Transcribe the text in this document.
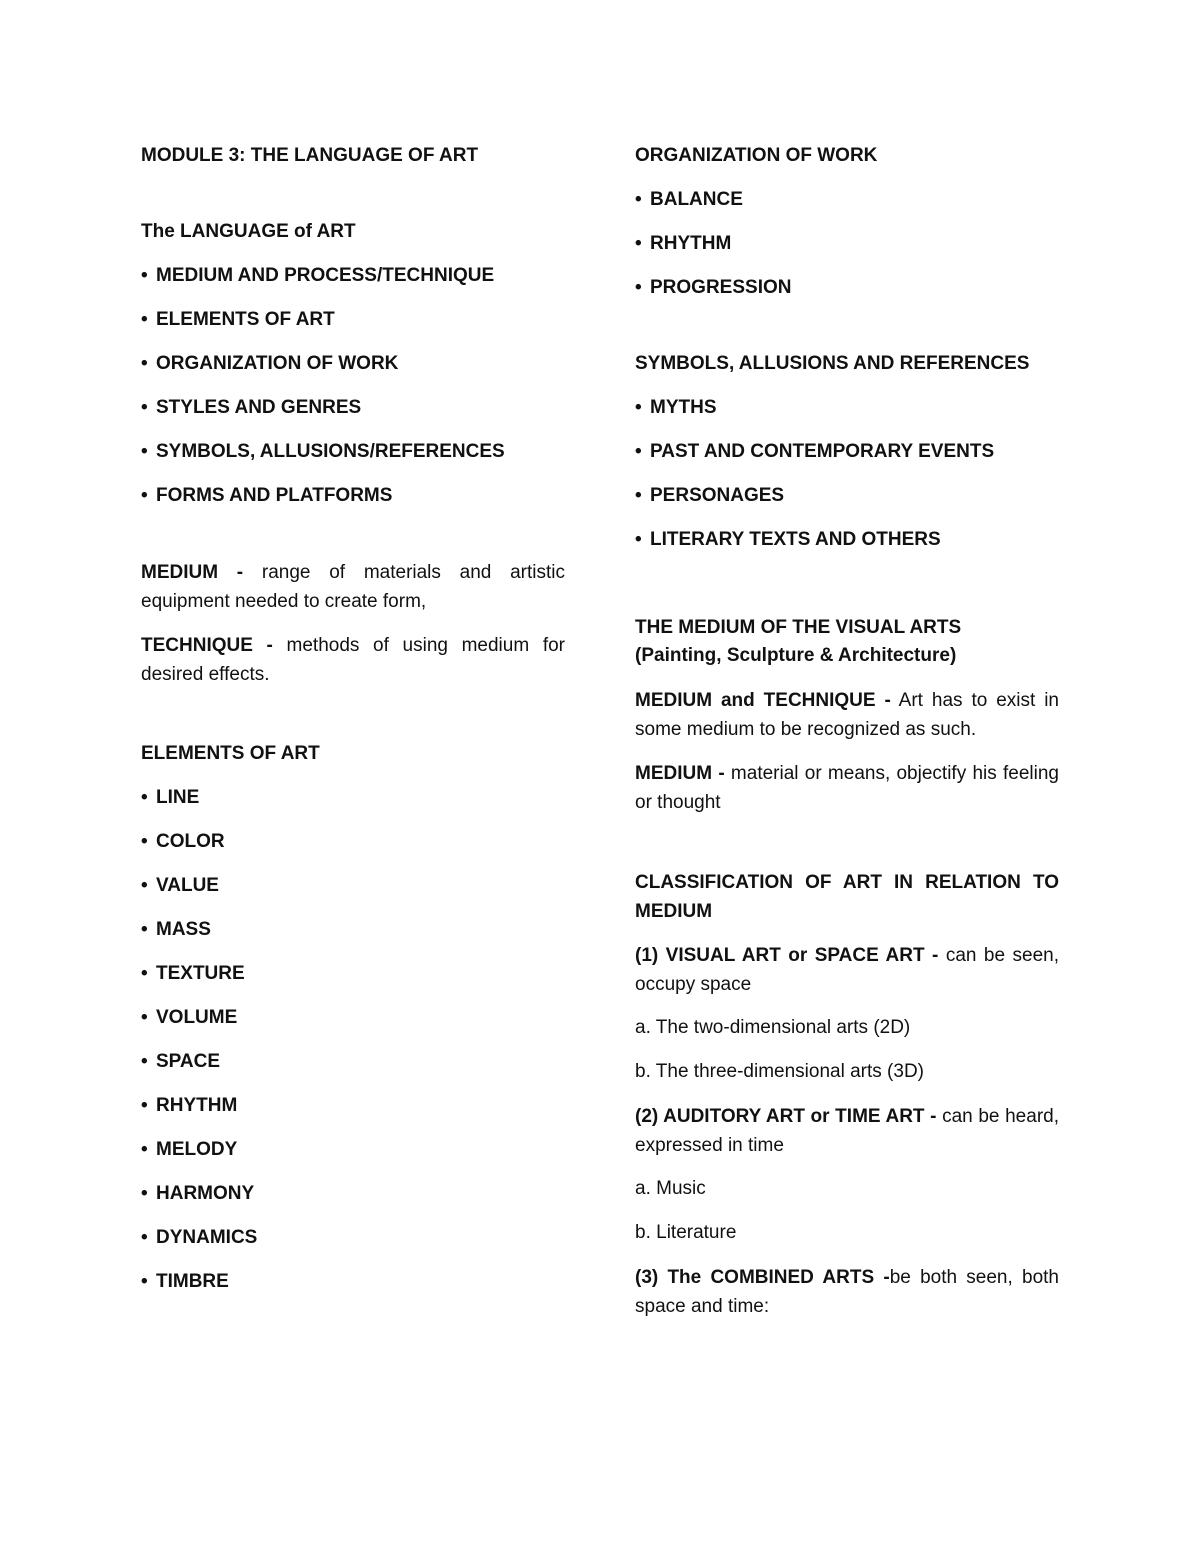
MODULE 3: THE LANGUAGE OF ART
The LANGUAGE of ART
• MEDIUM AND PROCESS/TECHNIQUE
• ELEMENTS OF ART
• ORGANIZATION OF WORK
• STYLES AND GENRES
• SYMBOLS, ALLUSIONS/REFERENCES
• FORMS AND PLATFORMS

MEDIUM - range of materials and artistic equipment needed to create form,

TECHNIQUE - methods of using medium for desired effects.

ELEMENTS OF ART
• LINE
• COLOR
• VALUE
• MASS
• TEXTURE
• VOLUME
• SPACE
• RHYTHM
• MELODY
• HARMONY
• DYNAMICS
• TIMBRE
ORGANIZATION OF WORK
• BALANCE
• RHYTHM
• PROGRESSION
SYMBOLS, ALLUSIONS AND REFERENCES
• MYTHS
• PAST AND CONTEMPORARY EVENTS
• PERSONAGES
• LITERARY TEXTS AND OTHERS
THE MEDIUM OF THE VISUAL ARTS
(Painting, Sculpture & Architecture)

MEDIUM and TECHNIQUE - Art has to exist in some medium to be recognized as such.

MEDIUM - material or means, objectify his feeling or thought

CLASSIFICATION OF ART IN RELATION TO MEDIUM

(1) VISUAL ART or SPACE ART - can be seen, occupy space

a. The two-dimensional arts (2D)
b. The three-dimensional arts (3D)

(2) AUDITORY ART or TIME ART - can be heard, expressed in time

a. Music
b. Literature

(3) The COMBINED ARTS -be both seen, both space and time:
